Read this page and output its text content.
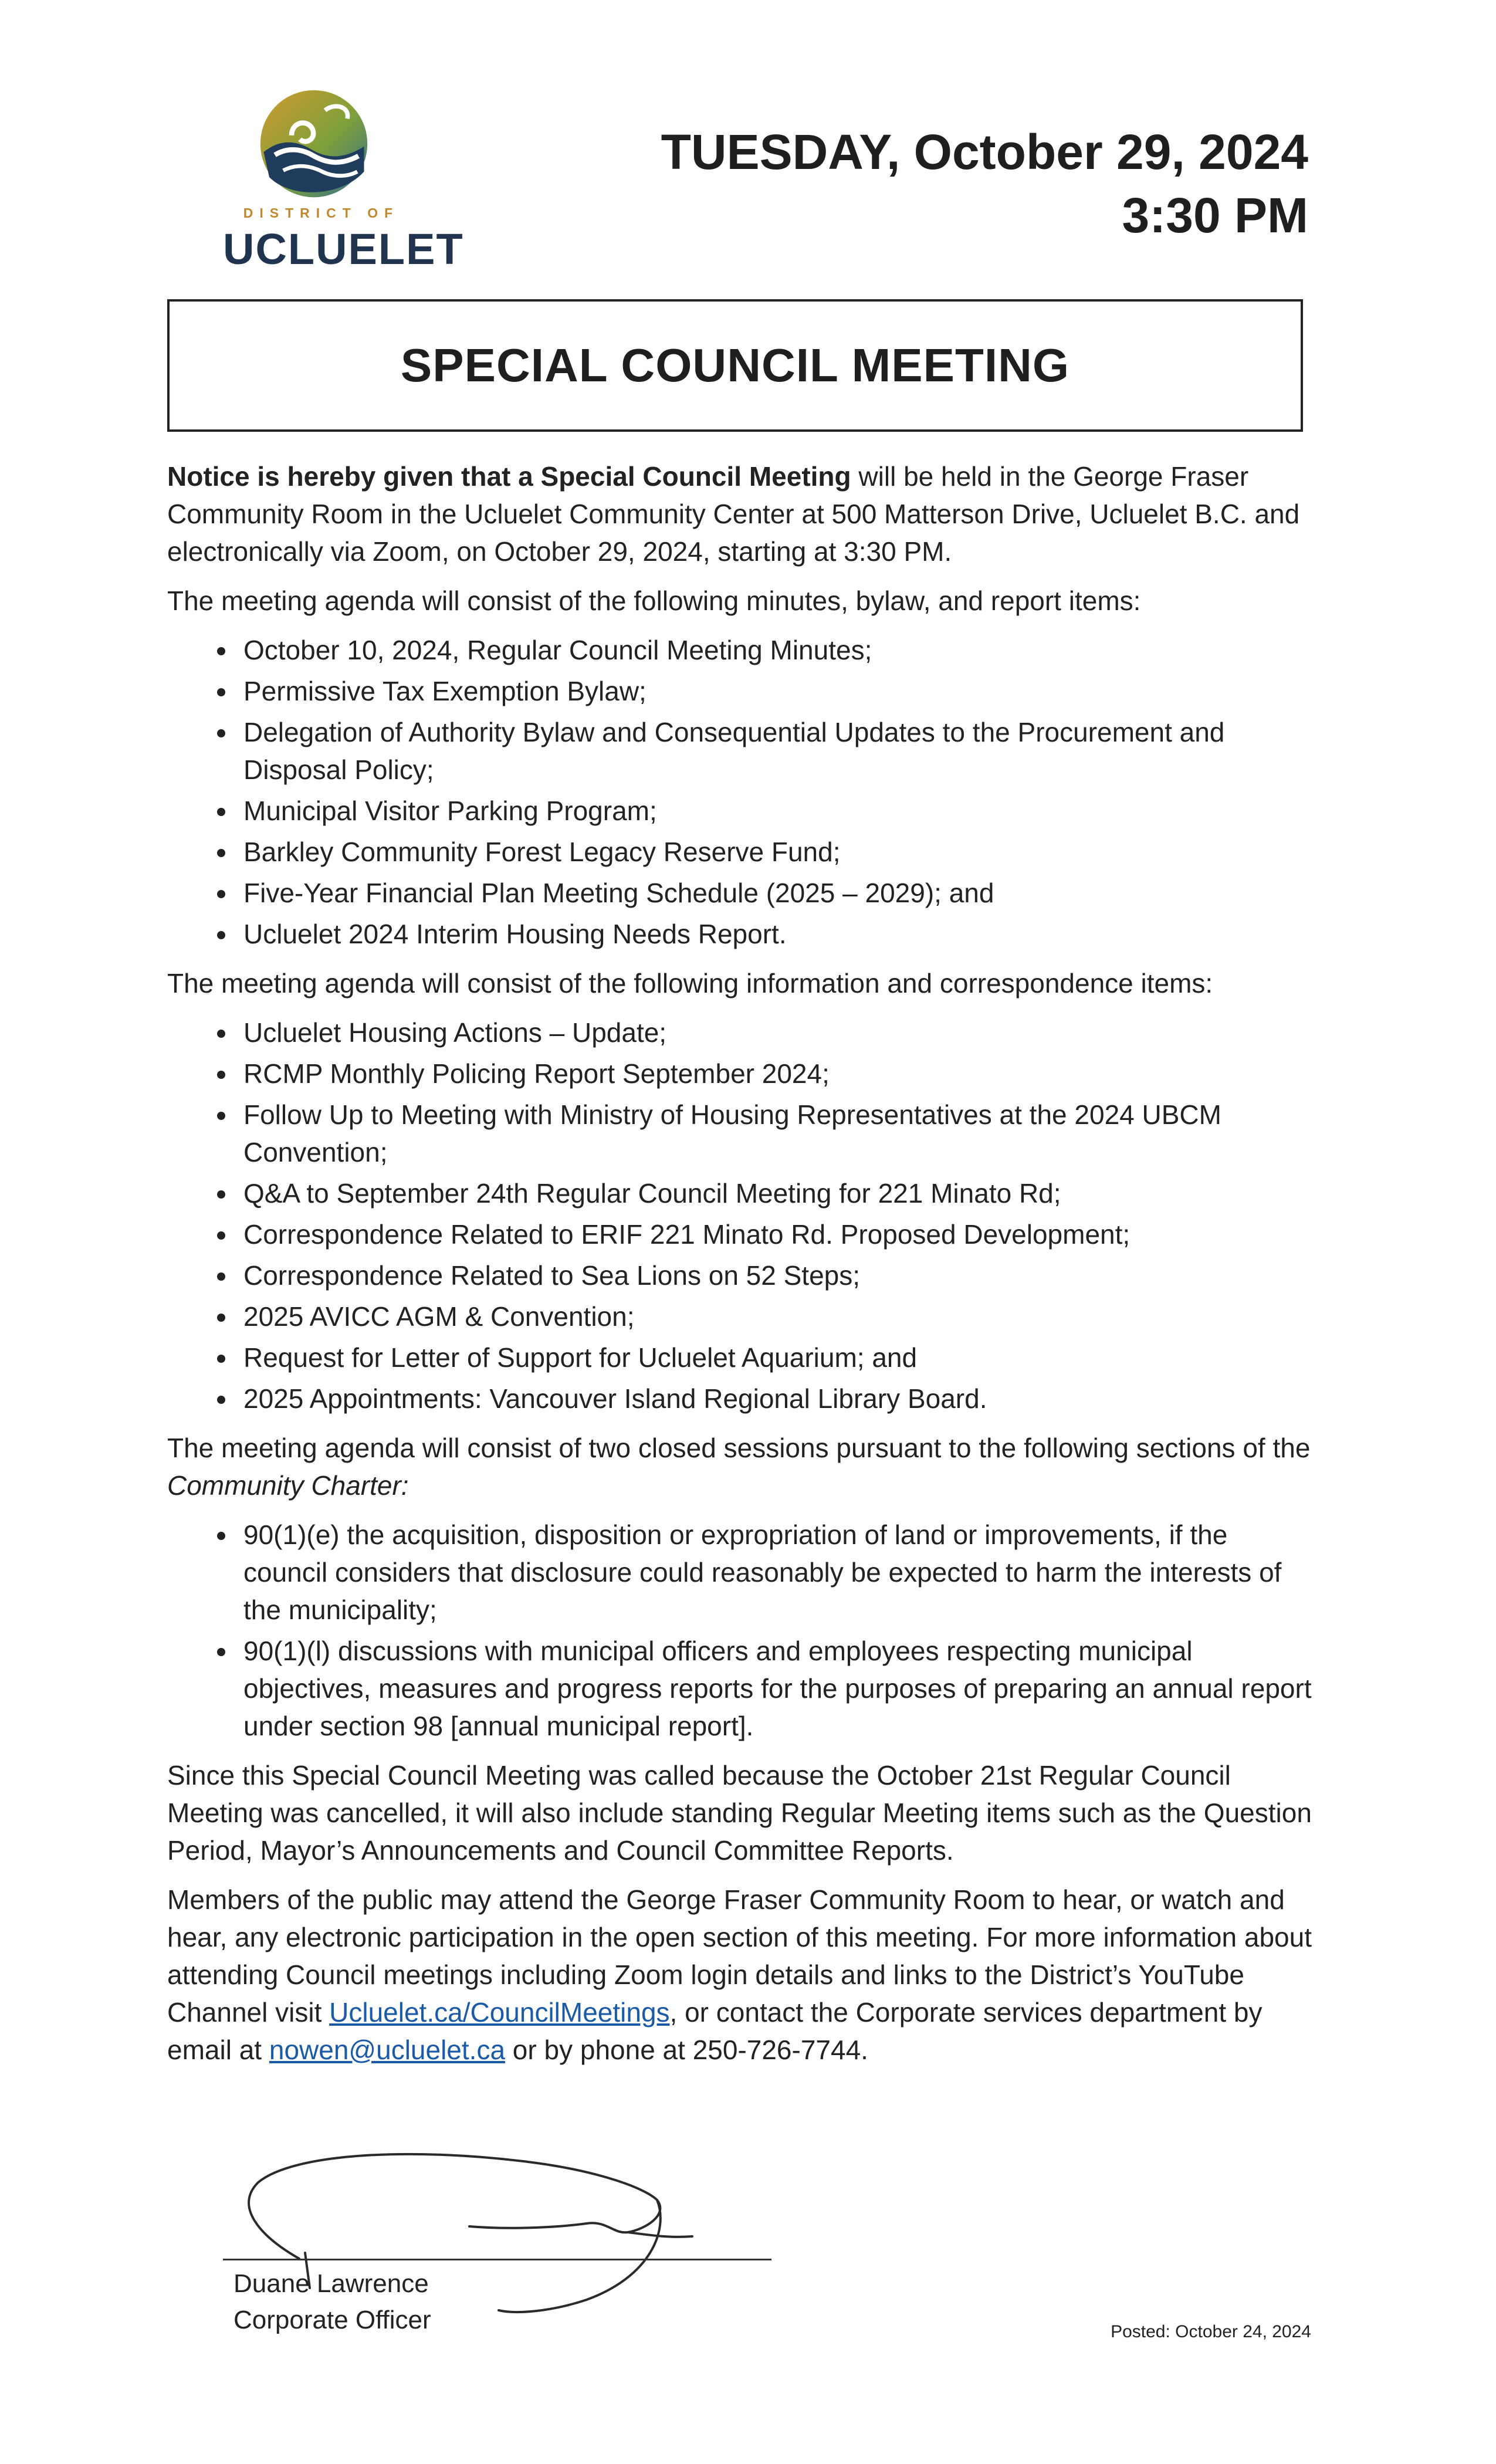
DISTRICT OF
UCLUELET
TUESDAY, October 29, 2024
3:30 PM
SPECIAL COUNCIL MEETING

Notice is hereby given that a Special Council Meeting will be held in the George Fraser Community Room in the Ucluelet Community Center at 500 Matterson Drive, Ucluelet B.C. and electronically via Zoom, on October 29, 2024, starting at 3:30 PM.

The meeting agenda will consist of the following minutes, bylaw, and report items:

• October 10, 2024, Regular Council Meeting Minutes;
• Permissive Tax Exemption Bylaw;
• Delegation of Authority Bylaw and Consequential Updates to the Procurement and Disposal Policy;
• Municipal Visitor Parking Program;
• Barkley Community Forest Legacy Reserve Fund;
• Five-Year Financial Plan Meeting Schedule (2025 – 2029); and
• Ucluelet 2024 Interim Housing Needs Report.

The meeting agenda will consist of the following information and correspondence items:

• Ucluelet Housing Actions – Update;
• RCMP Monthly Policing Report September 2024;
• Follow Up to Meeting with Ministry of Housing Representatives at the 2024 UBCM Convention;
• Q&A to September 24th Regular Council Meeting for 221 Minato Rd;
• Correspondence Related to ERIF 221 Minato Rd. Proposed Development;
• Correspondence Related to Sea Lions on 52 Steps;
• 2025 AVICC AGM & Convention;
• Request for Letter of Support for Ucluelet Aquarium; and
• 2025 Appointments: Vancouver Island Regional Library Board.

The meeting agenda will consist of two closed sessions pursuant to the following sections of the Community Charter:

• 90(1)(e) the acquisition, disposition or expropriation of land or improvements, if the council considers that disclosure could reasonably be expected to harm the interests of the municipality;
• 90(1)(l) discussions with municipal officers and employees respecting municipal objectives, measures and progress reports for the purposes of preparing an annual report under section 98 [annual municipal report].

Since this Special Council Meeting was called because the October 21st Regular Council Meeting was cancelled, it will also include standing Regular Meeting items such as the Question Period, Mayor’s Announcements and Council Committee Reports.

Members of the public may attend the George Fraser Community Room to hear, or watch and hear, any electronic participation in the open section of this meeting. For more information about attending Council meetings including Zoom login details and links to the District’s YouTube Channel visit Ucluelet.ca/CouncilMeetings, or contact the Corporate services department by email at nowen@ucluelet.ca or by phone at 250-726-7744.

Duane Lawrence
Corporate Officer	Posted: October 24, 2024
